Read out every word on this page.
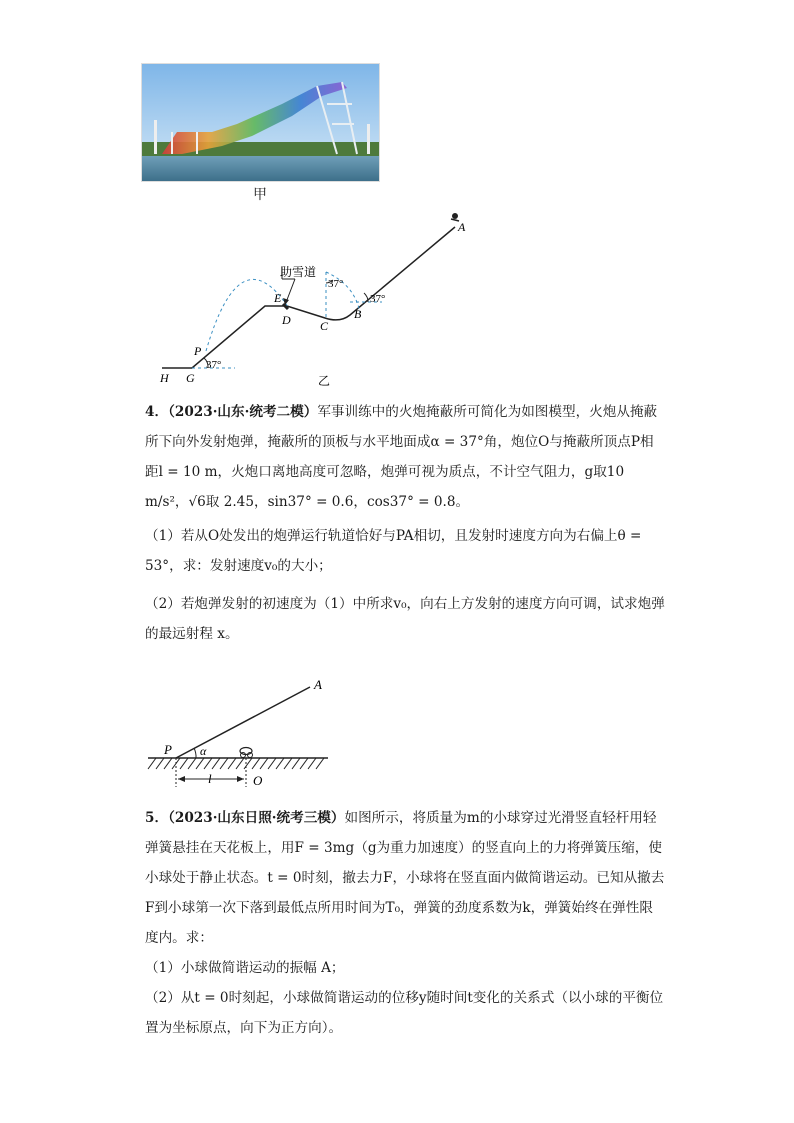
甲
A
B
C
D
E
P
G
H
助雪道
37°
37°
37°
乙

4．（2023·山东·统考二模）军事训练中的火炮掩蔽所可简化为如图模型，火炮从掩蔽所下向外发射炮弹，掩蔽所的顶板与水平地面成α = 37°角，炮位O与掩蔽所顶点P相距l = 10 m，火炮口离地高度可忽略，炮弹可视为质点，不计空气阻力，g取10 m/s²，√6取 2.45，sin37° = 0.6，cos37° = 0.8。

（1）若从O处发出的炮弹运行轨道恰好与PA相切，且发射时速度方向为右偏上θ = 53°，求：发射速度v₀的大小；

（2）若炮弹发射的初速度为（1）中所求v₀，向右上方发射的速度方向可调，试求炮弹的最远射程 x。

A
P α
l	O

5．（2023·山东日照·统考三模）如图所示，将质量为m的小球穿过光滑竖直轻杆用轻弹簧悬挂在天花板上，用F = 3mg（g为重力加速度）的竖直向上的力将弹簧压缩，使小球处于静止状态。t = 0时刻，撤去力F，小球将在竖直面内做简谐运动。已知从撤去F到小球第一次下落到最低点所用时间为T₀，弹簧的劲度系数为k，弹簧始终在弹性限度内。求：

（1）小球做简谐运动的振幅 A；

（2）从t = 0时刻起，小球做简谐运动的位移y随时间t变化的关系式（以小球的平衡位置为坐标原点，向下为正方向）。
